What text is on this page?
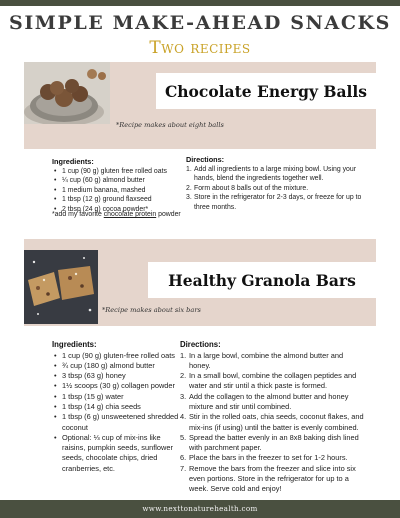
SIMPLE MAKE-AHEAD SNACKS
Two recipes
Chocolate Energy Balls
*Recipe makes about eight balls
Ingredients:
• 1 cup (90 g) gluten free rolled oats
• ¼ cup (60 g) almond butter
• 1 medium banana, mashed
• 1 tbsp (12 g) ground flaxseed
• 2 tbsp (24 g) cocoa powder*
*add my favorite chocolate protein powder
Directions:
1. Add all ingredients to a large mixing bowl. Using your hands, blend the ingredients together well.
2. Form about 8 balls out of the mixture.
3. Store in the refrigerator for 2-3 days, or freeze for up to three months.
Healthy Granola Bars
*Recipe makes about six bars
Ingredients:
• 1 cup (90 g) gluten-free rolled oats
• ¾ cup (180 g) almond butter
• 3 tbsp (63 g) honey
• 1½ scoops (30 g) collagen powder
• 1 tbsp (15 g) water
• 1 tbsp (14 g) chia seeds
• 1 tbsp (6 g) unsweetened shredded coconut
• Optional: ⅓ cup of mix-ins like raisins, pumpkin seeds, sunflower seeds, chocolate chips, dried cranberries, etc.
Directions:
1. In a large bowl, combine the almond butter and honey.
2. In a small bowl, combine the collagen peptides and water and stir until a thick paste is formed.
3. Add the collagen to the almond butter and honey mixture and stir until combined.
4. Stir in the rolled oats, chia seeds, coconut flakes, and mix-ins (if using) until the batter is evenly combined.
5. Spread the batter evenly in an 8x8 baking dish lined with parchment paper.
6. Place the bars in the freezer to set for 1-2 hours.
7. Remove the bars from the freezer and slice into six even portions. Store in the refrigerator for up to a week. Serve cold and enjoy!
www.nexttonaturehealth.com
